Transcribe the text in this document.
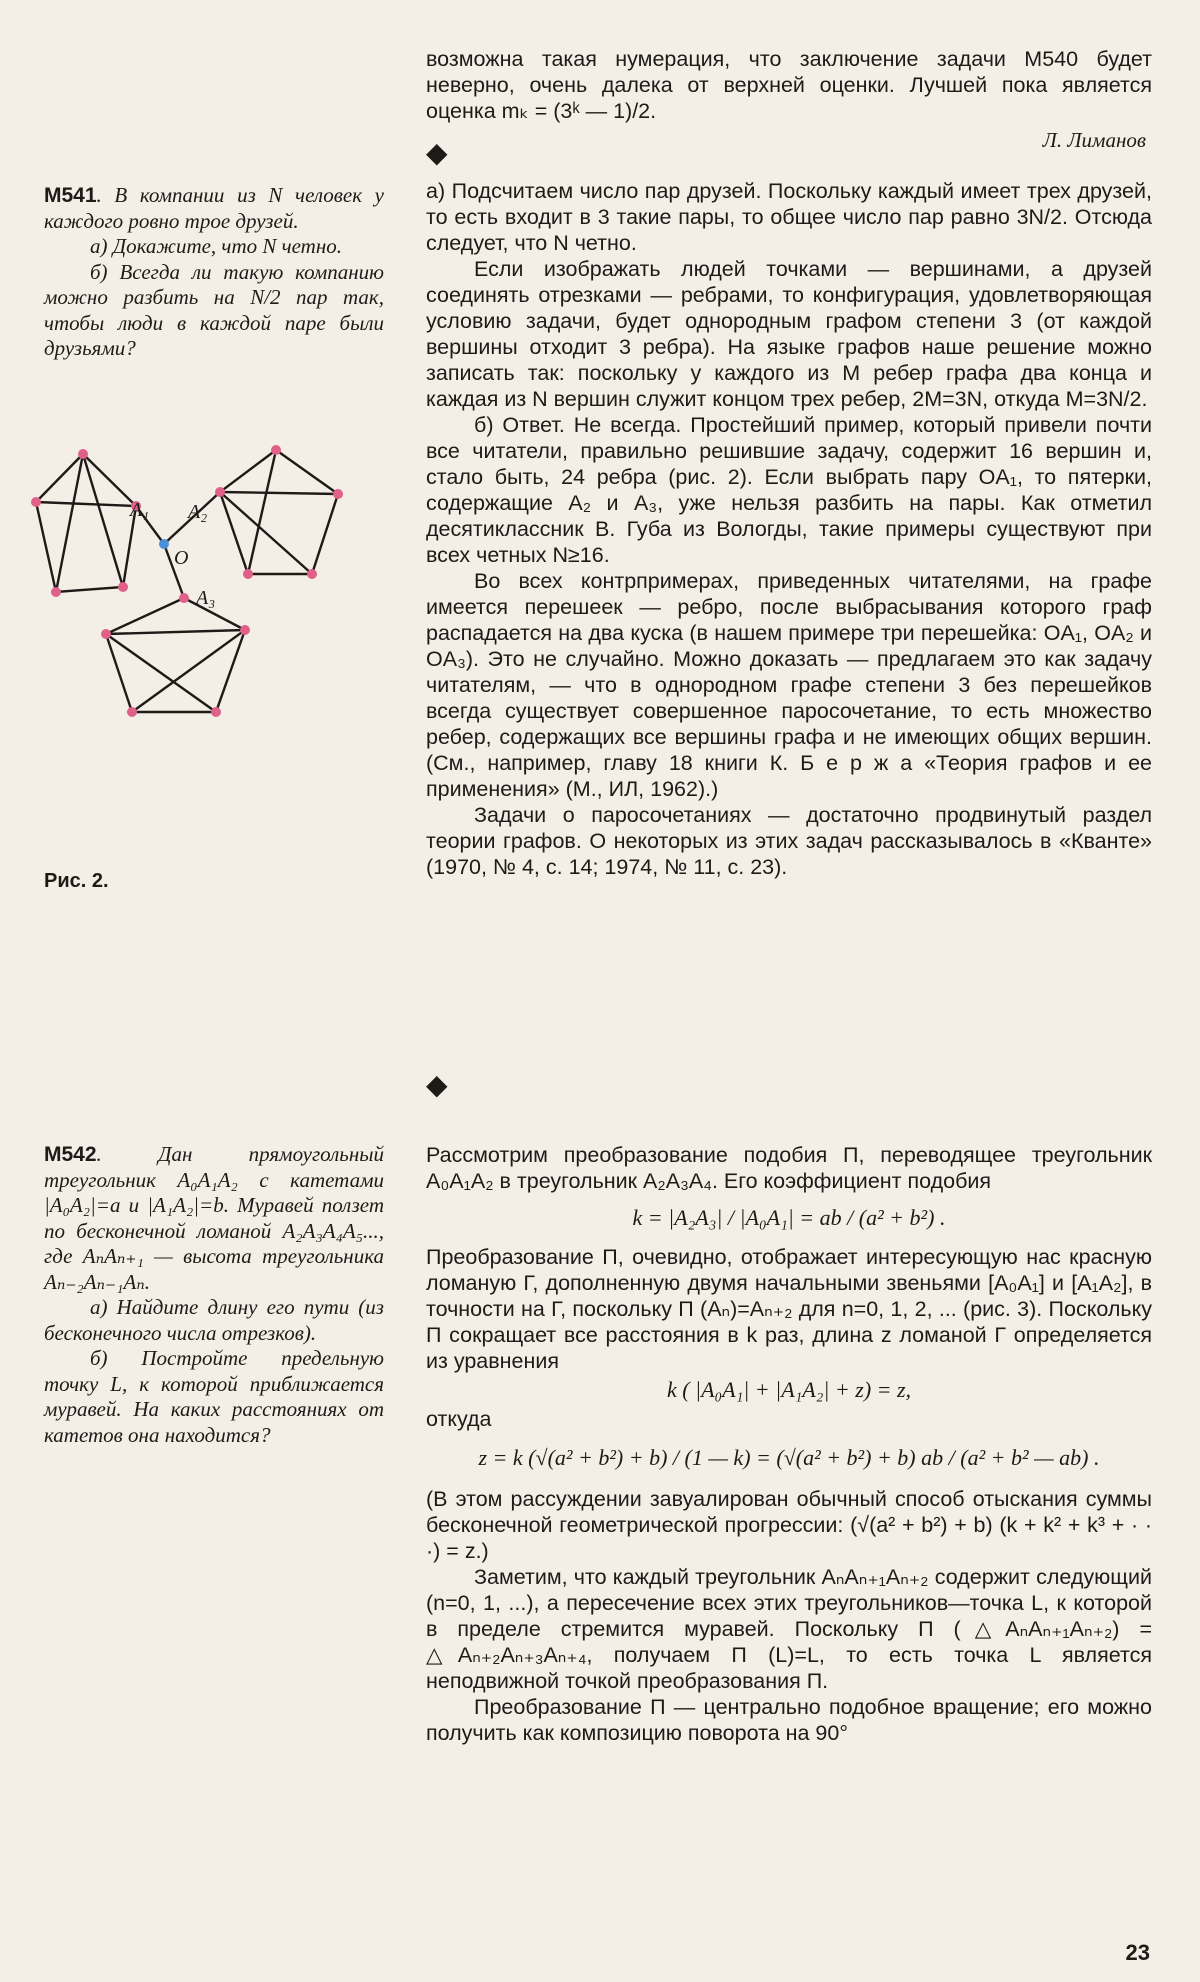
возможна такая нумерация, что заключение задачи М540 будет неверно, очень далека от верхней оценки. Лучшей пока является оценка mₖ = (3ᵏ — 1)/2.

Л. Лиманов

◆

М541. В компании из N человек у каждого ровно трое друзей.

а) Докажите, что N четно.

б) Всегда ли такую компанию можно разбить на N/2 пар так, чтобы люди в каждой паре были друзьями?

A₁ A₂
O
A₃
Рис. 2.

а) Подсчитаем число пар друзей. Поскольку каждый имеет трех друзей, то есть входит в 3 такие пары, то общее число пар равно 3N/2. Отсюда следует, что N четно.

Если изображать людей точками — вершинами, а друзей соединять отрезками — ребрами, то конфигурация, удовлетворяющая условию задачи, будет однородным графом степени 3 (от каждой вершины отходит 3 ребра). На языке графов наше решение можно записать так: поскольку у каждого из M ребер графа два конца и каждая из N вершин служит концом трех ребер, 2M=3N, откуда M=3N/2.

б) Ответ. Не всегда. Простейший пример, который привели почти все читатели, правильно решившие задачу, содержит 16 вершин и, стало быть, 24 ребра (рис. 2). Если выбрать пару OA₁, то пятерки, содержащие A₂ и A₃, уже нельзя разбить на пары. Как отметил десятиклассник В. Губа из Вологды, такие примеры существуют при всех четных N≥16.

Во всех контрпримерах, приведенных читателями, на графе имеется перешеек — ребро, после выбрасывания которого граф распадается на два куска (в нашем примере три перешейка: OA₁, OA₂ и OA₃). Это не случайно. Можно доказать — предлагаем это как задачу читателям, — что в однородном графе степени 3 без перешейков всегда существует совершенное паросочетание, то есть множество ребер, содержащих все вершины графа и не имеющих общих вершин. (См., например, главу 18 книги К. Б е р ж а «Теория графов и ее применения» (М., ИЛ, 1962).)

Задачи о паросочетаниях — достаточно продвинутый раздел теории графов. О некоторых из этих задач рассказывалось в «Кванте» (1970, № 4, с. 14; 1974, № 11, с. 23).

◆

М542. Дан прямоугольный треугольник A₀A₁A₂ с катетами |A₀A₂|=a и |A₁A₂|=b. Муравей ползет по бесконечной ломаной A₂A₃A₄A₅..., где AₙAₙ₊₁ — высота треугольника Aₙ₋₂Aₙ₋₁Aₙ.

а) Найдите длину его пути (из бесконечного числа отрезков).

б) Постройте предельную точку L, к которой приближается муравей. На каких расстояниях от катетов она находится?

Рассмотрим преобразование подобия П, переводящее треугольник A₀A₁A₂ в треугольник A₂A₃A₄. Его коэффициент подобия

k = |A₂A₃| / |A₀A₁| = ab / (a² + b²) .

Преобразование П, очевидно, отображает интересующую нас красную ломаную Г, дополненную двумя начальными звеньями [A₀A₁] и [A₁A₂], в точности на Г, поскольку П (Aₙ)=Aₙ₊₂ для n=0, 1, 2, ... (рис. 3). Поскольку П сокращает все расстояния в k раз, длина z ломаной Г определяется из уравнения

k ( |A₀A₁| + |A₁A₂| + z) = z,

откуда

z = k (√(a² + b²) + b) / (1 — k) = (√(a² + b²) + b) ab / (a² + b² — ab) .

(В этом рассуждении завуалирован обычный способ отыскания суммы бесконечной геометрической прогрессии: (√(a² + b²) + b) (k + k² + k³ + · · ·) = z.)

Заметим, что каждый треугольник AₙAₙ₊₁Aₙ₊₂ содержит следующий (n=0, 1, ...), а пересечение всех этих треугольников—точка L, к которой в пределе стремится муравей. Поскольку П (△AₙAₙ₊₁Aₙ₊₂) = △Aₙ₊₂Aₙ₊₃Aₙ₊₄, получаем П (L)=L, то есть точка L является неподвижной точкой преобразования П.

Преобразование П — центрально подобное вращение; его можно получить как композицию поворота на 90°

23
